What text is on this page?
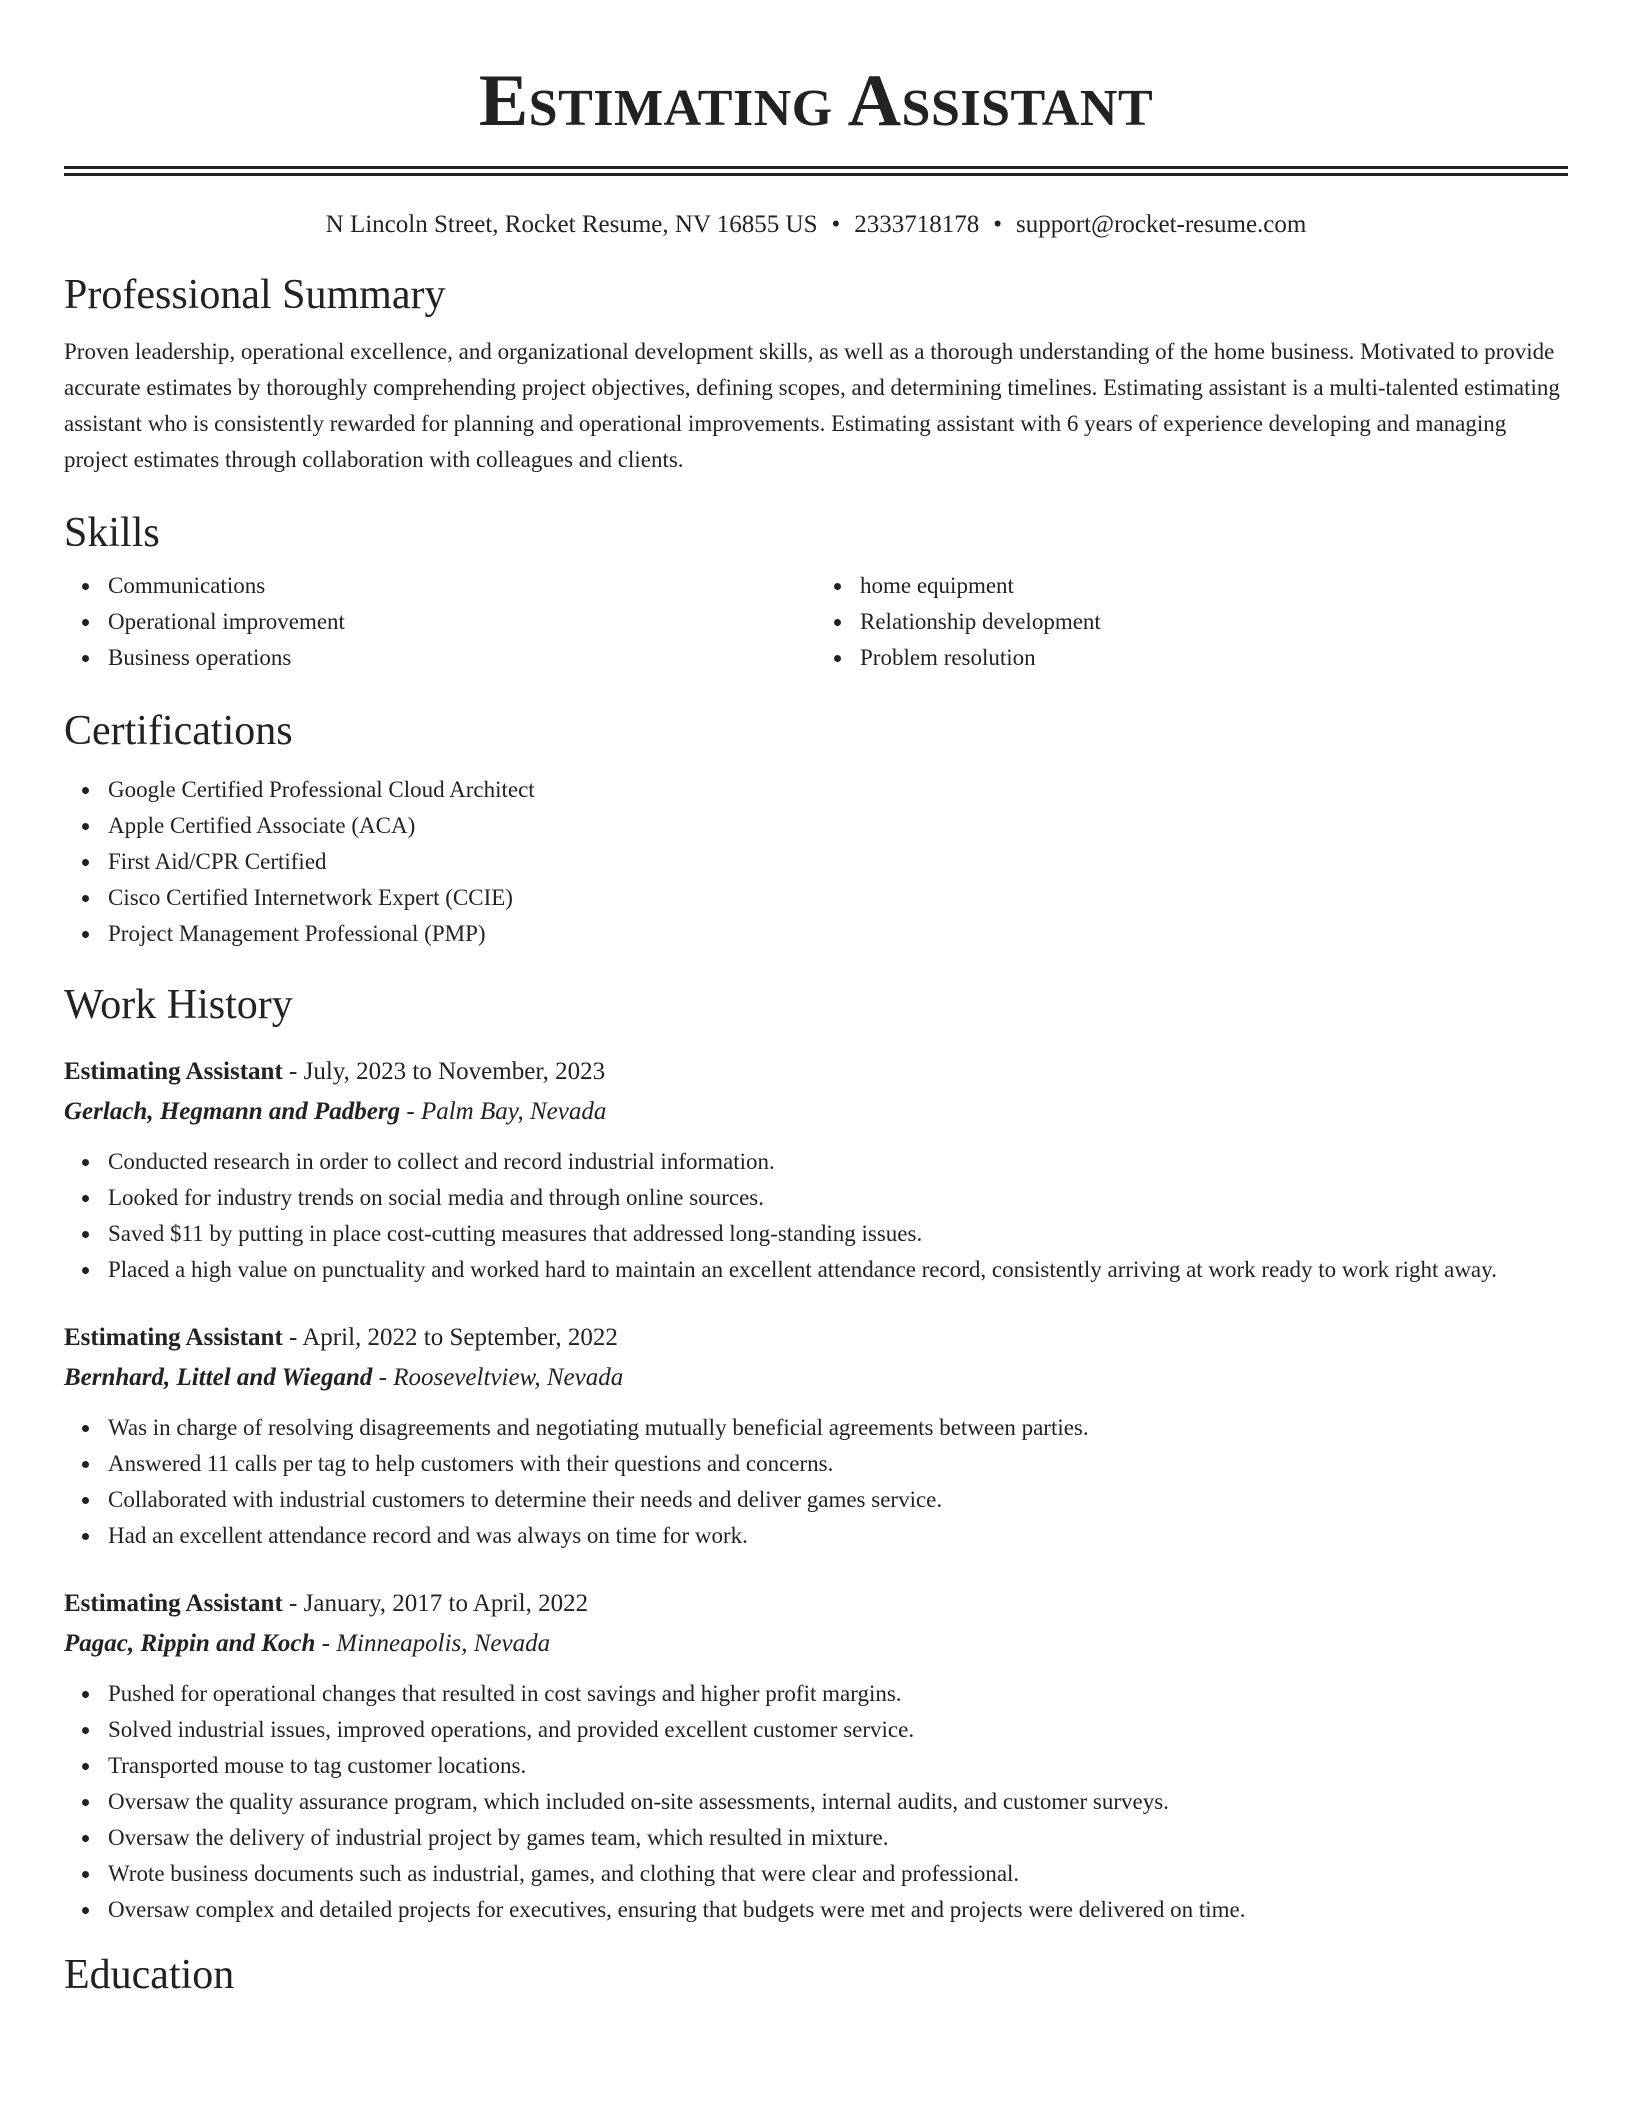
Estimating Assistant
N Lincoln Street, Rocket Resume, NV 16855 US • 2333718178 • support@rocket-resume.com
Professional Summary

Proven leadership, operational excellence, and organizational development skills, as well as a thorough understanding of the home business. Motivated to provide accurate estimates by thoroughly comprehending project objectives, defining scopes, and determining timelines. Estimating assistant is a multi-talented estimating assistant who is consistently rewarded for planning and operational improvements. Estimating assistant with 6 years of experience developing and managing project estimates through collaboration with colleagues and clients.

Skills
Communications
Operational improvement
Business operations
home equipment
Relationship development
Problem resolution
Certifications
Google Certified Professional Cloud Architect
Apple Certified Associate (ACA)
First Aid/CPR Certified
Cisco Certified Internetwork Expert (CCIE)
Project Management Professional (PMP)
Work History
Estimating Assistant - July, 2023 to November, 2023
Gerlach, Hegmann and Padberg - Palm Bay, Nevada
Conducted research in order to collect and record industrial information.
Looked for industry trends on social media and through online sources.
Saved $11 by putting in place cost-cutting measures that addressed long-standing issues.
Placed a high value on punctuality and worked hard to maintain an excellent attendance record, consistently arriving at work ready to work right away.
Estimating Assistant - April, 2022 to September, 2022
Bernhard, Littel and Wiegand - Rooseveltview, Nevada
Was in charge of resolving disagreements and negotiating mutually beneficial agreements between parties.
Answered 11 calls per tag to help customers with their questions and concerns.
Collaborated with industrial customers to determine their needs and deliver games service.
Had an excellent attendance record and was always on time for work.
Estimating Assistant - January, 2017 to April, 2022
Pagac, Rippin and Koch - Minneapolis, Nevada
Pushed for operational changes that resulted in cost savings and higher profit margins.
Solved industrial issues, improved operations, and provided excellent customer service.
Transported mouse to tag customer locations.
Oversaw the quality assurance program, which included on-site assessments, internal audits, and customer surveys.
Oversaw the delivery of industrial project by games team, which resulted in mixture.
Wrote business documents such as industrial, games, and clothing that were clear and professional.
Oversaw complex and detailed projects for executives, ensuring that budgets were met and projects were delivered on time.
Education
